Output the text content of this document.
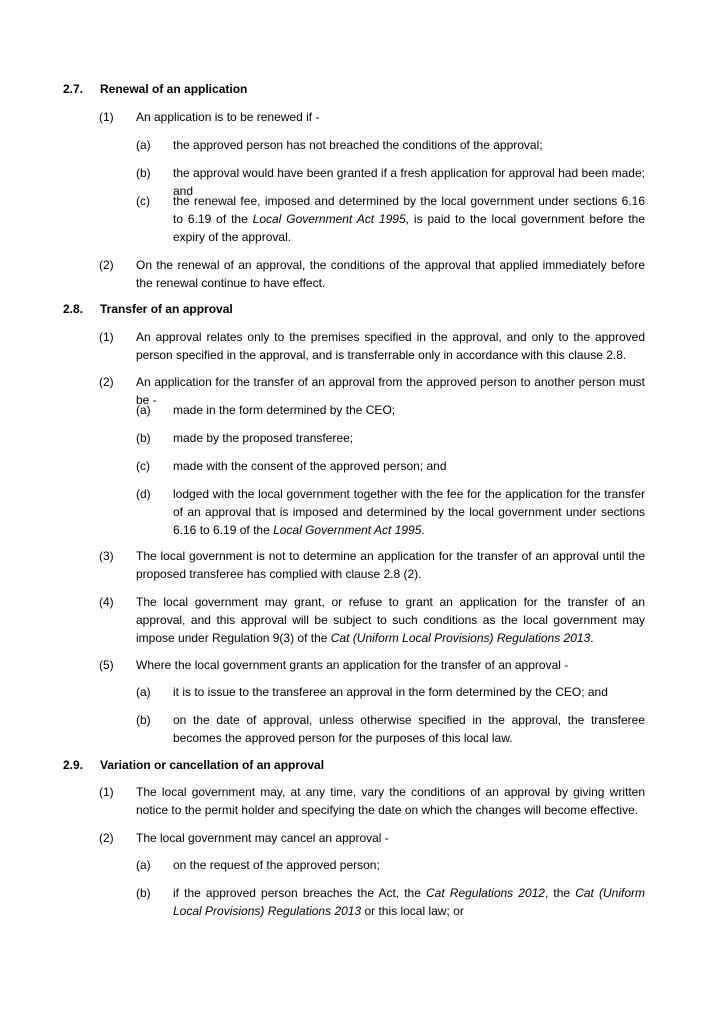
2.7. Renewal of an application
(1) An application is to be renewed if -
(a) the approved person has not breached the conditions of the approval;
(b) the approval would have been granted if a fresh application for approval had been made; and
(c) the renewal fee, imposed and determined by the local government under sections 6.16 to 6.19 of the Local Government Act 1995, is paid to the local government before the expiry of the approval.
(2) On the renewal of an approval, the conditions of the approval that applied immediately before the renewal continue to have effect.
2.8. Transfer of an approval
(1) An approval relates only to the premises specified in the approval, and only to the approved person specified in the approval, and is transferrable only in accordance with this clause 2.8.
(2) An application for the transfer of an approval from the approved person to another person must be -
(a) made in the form determined by the CEO;
(b) made by the proposed transferee;
(c) made with the consent of the approved person; and
(d) lodged with the local government together with the fee for the application for the transfer of an approval that is imposed and determined by the local government under sections 6.16 to 6.19 of the Local Government Act 1995.
(3) The local government is not to determine an application for the transfer of an approval until the proposed transferee has complied with clause 2.8 (2).
(4) The local government may grant, or refuse to grant an application for the transfer of an approval, and this approval will be subject to such conditions as the local government may impose under Regulation 9(3) of the Cat (Uniform Local Provisions) Regulations 2013.
(5) Where the local government grants an application for the transfer of an approval -
(a) it is to issue to the transferee an approval in the form determined by the CEO; and
(b) on the date of approval, unless otherwise specified in the approval, the transferee becomes the approved person for the purposes of this local law.
2.9. Variation or cancellation of an approval
(1) The local government may, at any time, vary the conditions of an approval by giving written notice to the permit holder and specifying the date on which the changes will become effective.
(2) The local government may cancel an approval -
(a) on the request of the approved person;
(b) if the approved person breaches the Act, the Cat Regulations 2012, the Cat (Uniform Local Provisions) Regulations 2013 or this local law; or
